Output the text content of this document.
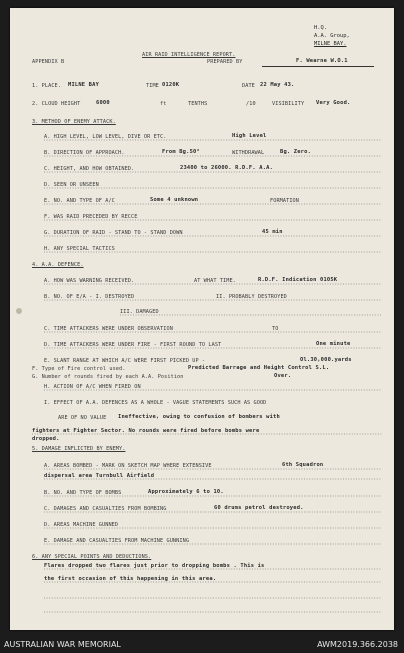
H.Q.
A.A. Group,
MILNE BAY.
APPENDIX B
AIR RAID INTELLIGENCE REPORT.
PREPARED BY	F. Wearne W.O.1
1. PLACE. MILNE BAY	TIME 0120K	DATE 22 May 43.
2. CLOUD HEIGHT	6000	ft	TENTHS	/10	VISIBILITY Very Good.
3. METHOD OF ENEMY ATTACK.
A. HIGH LEVEL, LOW LEVEL, DIVE OR ETC.	High Level
B. DIRECTION OF APPROACH.	From Bg.50°	WITHDRAWAL	Bg. Zero.
C. HEIGHT, AND HOW OBTAINED.	23400 to 26000. R.D.F. A.A.
D. SEEN OR UNSEEN
E. NO. AND TYPE OF A/C	Some 4 unknown	FORMATION
F. WAS RAID PRECEDED BY RECCE
G. DURATION OF RAID - STAND TO - STAND DOWN	45 min
H. ANY SPECIAL TACTICS
4. A.A. DEFENCE.
A. HOW WAS WARNING RECEIVED.	AT WHAT TIME.	R.D.F. Indication 0105K
B. NO. OF E/A - I. DESTROYED	II. PROBABLY DESTROYED
III. DAMAGED
C. TIME ATTACKERS WERE UNDER OBSERVATION	TO
D. TIME ATTACKERS WERE UNDER FIRE - FIRST ROUND TO LAST	One minute
E. SLANT RANGE AT WHICH A/C WERE FIRST PICKED UP -	Ol.30,000.yards
F. Type of Fire control used.	Predicted Barrage and Height Control S.L.
G. Number of rounds fired by each A.A. Position	Over.
H. ACTION OF A/C WHEN FIRED ON
I. EFFECT OF A.A. DEFENCES AS A WHOLE - VAGUE STATEMENTS SUCH AS GOOD
ARE OF NO VALUE Ineffective, owing to confusion of bombers with
fighters at Fighter Sector. No rounds were fired before bombs were
dropped.
5. DAMAGE INFLICTED BY ENEMY.
A. AREAS BOMBED - MARK ON SKETCH MAP WHERE EXTENSIVE	6th Squadron
dispersal area Turnbull Airfield
B. NO. AND TYPE OF BOMBS	Approximately 6 to 10.
C. DAMAGES AND CASUALTIES FROM BOMBING	60 drums petrol destroyed.
D. AREAS MACHINE GUNNED
E. DAMAGE AND CASUALTIES FROM MACHINE GUNNING
6. ANY SPECIAL POINTS AND DEDUCTIONS.
Flares dropped two flares just prior to dropping bombs . This is
the first occasion of this happening in this area.
AUSTRALIAN WAR MEMORIAL	AWM2019.366.2038
